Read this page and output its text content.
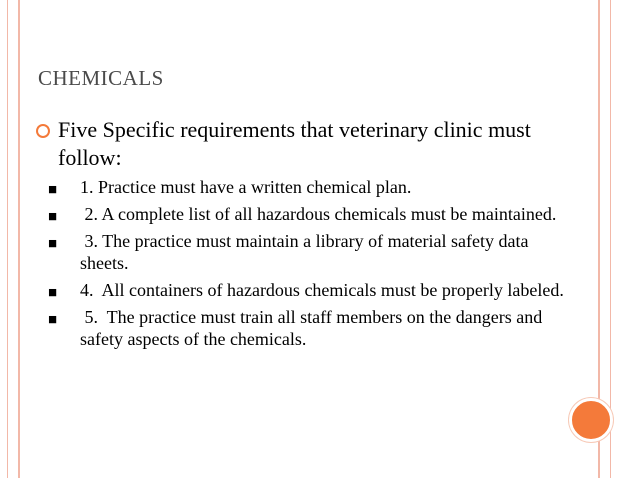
CHEMICALS
Five Specific requirements that veterinary clinic must follow:
■ 1. Practice must have a written chemical plan.
■ 2. A complete list of all hazardous chemicals must be maintained.
■ 3. The practice must maintain a library of material safety data sheets.
■ 4.  All containers of hazardous chemicals must be properly labeled.
■ 5.  The practice must train all staff members on the dangers and safety aspects of the chemicals.
